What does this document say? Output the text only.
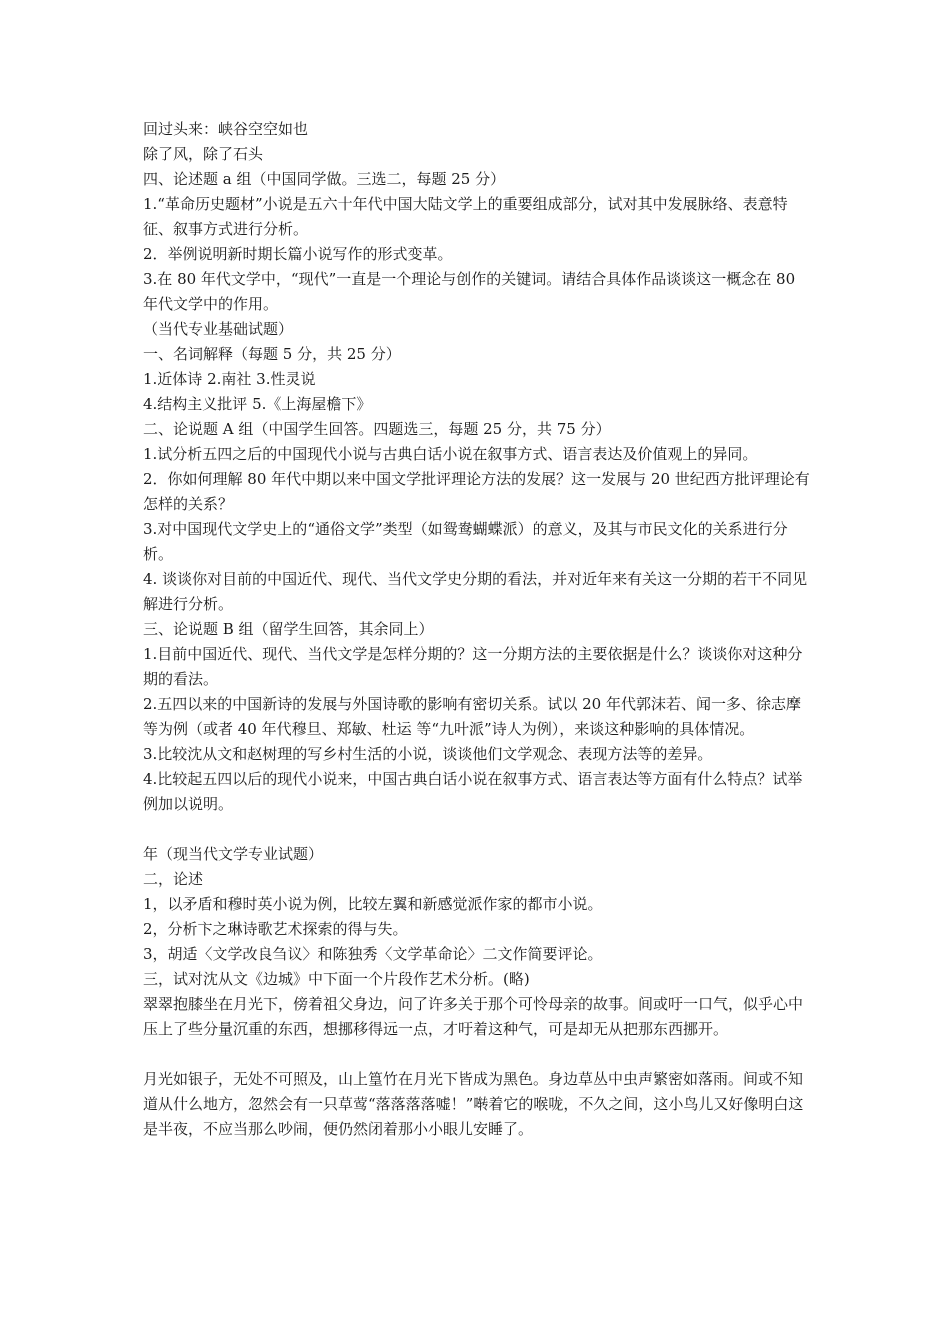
回过头来：峡谷空空如也
除了风，除了石头
四、论述题 a 组（中国同学做。三选二，每题 25 分）
1.“革命历史题材”小说是五六十年代中国大陆文学上的重要组成部分，试对其中发展脉络、表意特征、叙事方式进行分析。
2．举例说明新时期长篇小说写作的形式变革。
3.在 80 年代文学中，“现代”一直是一个理论与创作的关键词。请结合具体作品谈谈这一概念在 80 年代文学中的作用。
（当代专业基础试题）
一、名词解释（每题 5 分，共 25 分）
1.近体诗 2.南社 3.性灵说
4.结构主义批评 5.《上海屋檐下》
二、论说题 A 组（中国学生回答。四题选三，每题 25 分，共 75 分）
1.试分析五四之后的中国现代小说与古典白话小说在叙事方式、语言表达及价值观上的异同。
2．你如何理解 80 年代中期以来中国文学批评理论方法的发展？这一发展与 20 世纪西方批评理论有怎样的关系？
3.对中国现代文学史上的“通俗文学”类型（如鸳鸯蝴蝶派）的意义，及其与市民文化的关系进行分析。
4. 谈谈你对目前的中国近代、现代、当代文学史分期的看法，并对近年来有关这一分期的若干不同见解进行分析。
三、论说题 B 组（留学生回答，其余同上）
1.目前中国近代、现代、当代文学是怎样分期的？这一分期方法的主要依据是什么？谈谈你对这种分期的看法。
2.五四以来的中国新诗的发展与外国诗歌的影响有密切关系。试以 20 年代郭沫若、闻一多、徐志摩等为例（或者 40 年代穆旦、郑敏、杜运 等“九叶派”诗人为例），来谈这种影响的具体情况。
3.比较沈从文和赵树理的写乡村生活的小说，谈谈他们文学观念、表现方法等的差异。
4.比较起五四以后的现代小说来，中国古典白话小说在叙事方式、语言表达等方面有什么特点？试举例加以说明。
年（现当代文学专业试题）
二，论述
1，以矛盾和穆时英小说为例，比较左翼和新感觉派作家的都市小说。
2，分析卞之琳诗歌艺术探索的得与失。
3，胡适〈文学改良刍议〉和陈独秀〈文学革命论〉二文作简要评论。
三，试对沈从文《边城》中下面一个片段作艺术分析。(略)
翠翠抱膝坐在月光下，傍着祖父身边，问了许多关于那个可怜母亲的故事。间或吁一口气，似乎心中压上了些分量沉重的东西，想挪移得远一点，才吁着这种气，可是却无从把那东西挪开。
月光如银子，无处不可照及，山上篁竹在月光下皆成为黑色。身边草丛中虫声繁密如落雨。间或不知道从什么地方，忽然会有一只草莺“落落落落嘘！”啭着它的喉咙，不久之间，这小鸟儿又好像明白这是半夜，不应当那么吵闹，便仍然闭着那小小眼儿安睡了。
